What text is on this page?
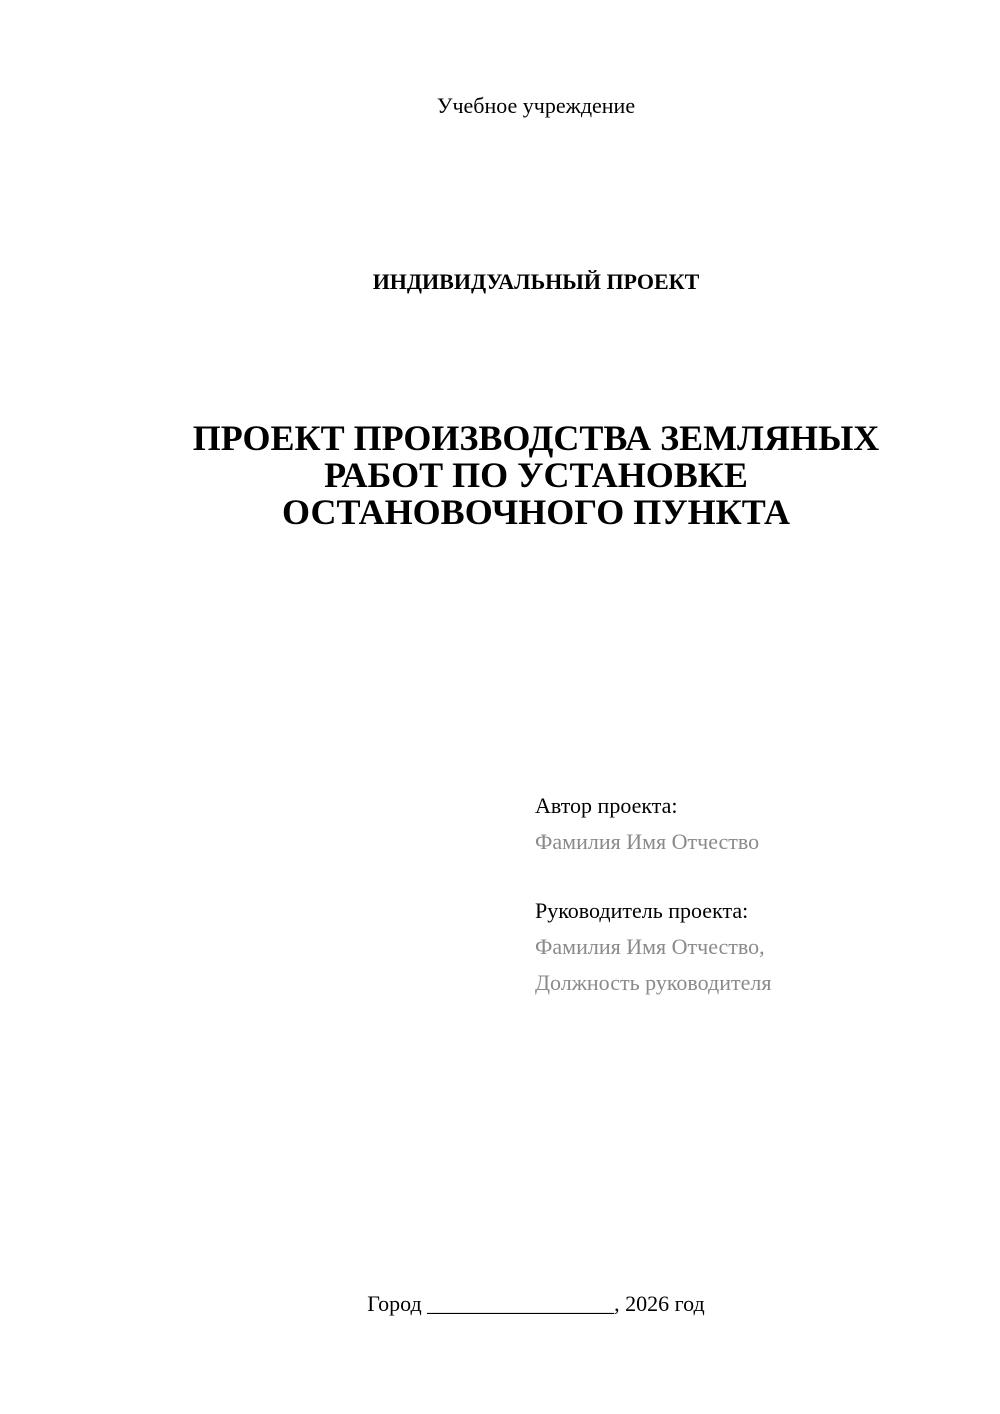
Учебное учреждение
ИНДИВИДУАЛЬНЫЙ ПРОЕКТ
ПРОЕКТ ПРОИЗВОДСТВА ЗЕМЛЯНЫХ
РАБОТ ПО УСТАНОВКЕ
ОСТАНОВОЧНОГО ПУНКТА
Автор проекта:
Фамилия Имя Отчество
Руководитель проекта:
Фамилия Имя Отчество,
Должность руководителя
Город _________________, 2026 год
